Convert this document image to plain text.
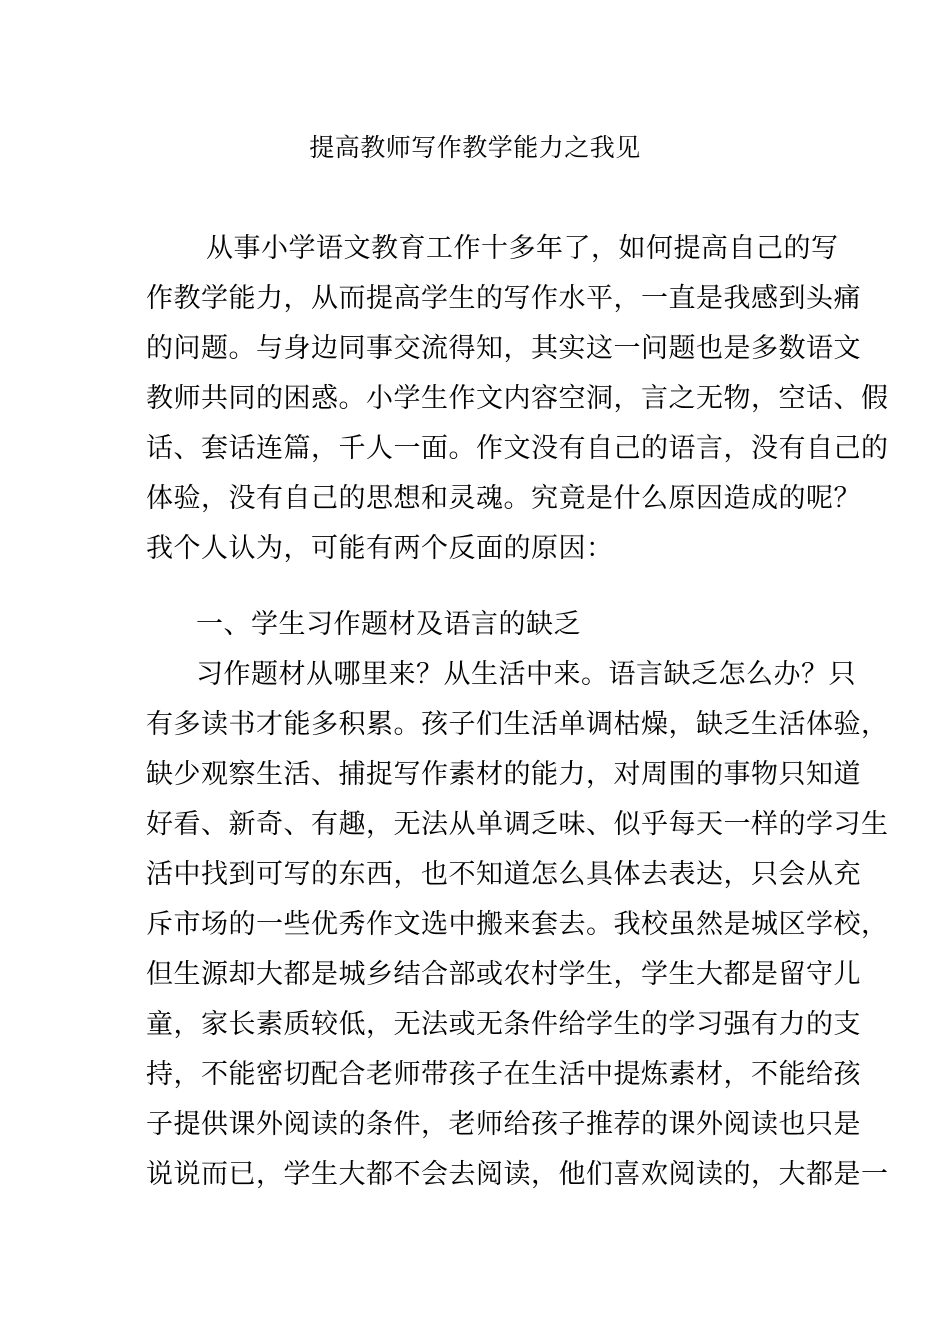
提高教师写作教学能力之我见
从事小学语文教育工作十多年了，如何提高自己的写
作教学能力，从而提高学生的写作水平，一直是我感到头痛
的问题。与身边同事交流得知，其实这一问题也是多数语文
教师共同的困惑。小学生作文内容空洞，言之无物，空话、假
话、套话连篇，千人一面。作文没有自己的语言，没有自己的
体验，没有自己的思想和灵魂。究竟是什么原因造成的呢？
我个人认为，可能有两个反面的原因：
一、学生习作题材及语言的缺乏
习作题材从哪里来？从生活中来。语言缺乏怎么办？只
有多读书才能多积累。孩子们生活单调枯燥，缺乏生活体验，
缺少观察生活、捕捉写作素材的能力，对周围的事物只知道
好看、新奇、有趣，无法从单调乏味、似乎每天一样的学习生
活中找到可写的东西，也不知道怎么具体去表达，只会从充
斥市场的一些优秀作文选中搬来套去。我校虽然是城区学校，
但生源却大都是城乡结合部或农村学生，学生大都是留守儿
童，家长素质较低，无法或无条件给学生的学习强有力的支
持，不能密切配合老师带孩子在生活中提炼素材，不能给孩
子提供课外阅读的条件，老师给孩子推荐的课外阅读也只是
说说而已，学生大都不会去阅读，他们喜欢阅读的，大都是一
